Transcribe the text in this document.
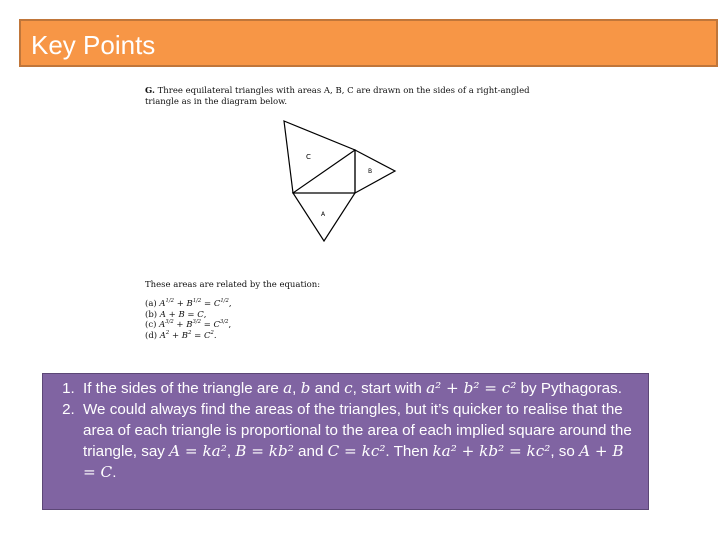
Key Points

G. Three equilateral triangles with areas A, B, C are drawn on the sides of a right-angled

triangle as in the diagram below.

C
B
A
These areas are related by the equation:
(a) $A^{1/2} + B^{1/2} = C^{1/2}$,
(b) A + B = C,
(c) $A^{3/2} + B^{3/2} = C^{3/2}$,
(d) $A^2 + B^2 = C^2$.
1. If the sides of the triangle are a, b and c, start with a² + b² = c² by Pythagoras.
2. We could always find the areas of the triangles, but it’s quicker to realise that the area of each triangle is proportional to the area of each implied square around the triangle, say A = ka², B = kb² and C = kc². Then ka² + kb² = kc², so A + B = C.
